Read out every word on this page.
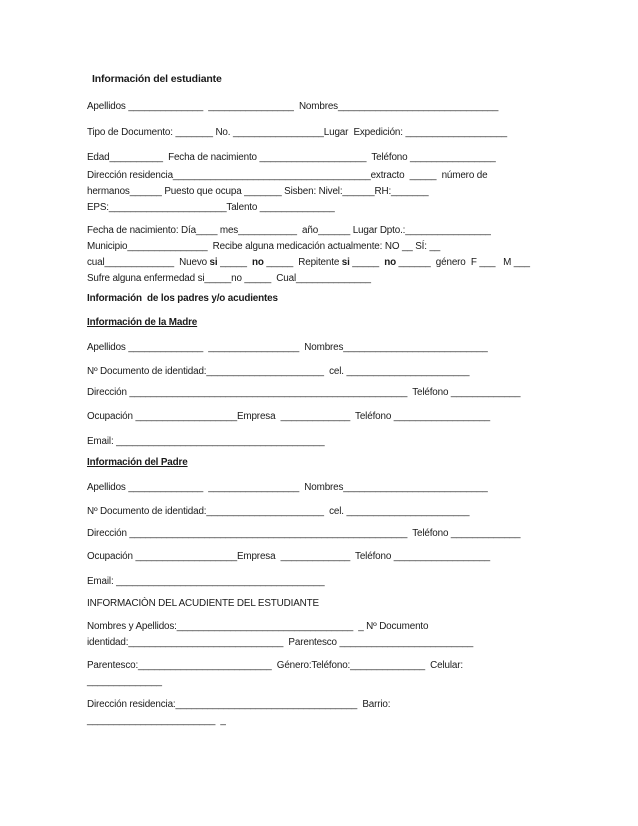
Información del estudiante
Apellidos ______________  ________________  Nombres______________________________
Tipo de Documento: _______ No. _________________Lugar  Expedición: ___________________
Edad__________  Fecha de nacimiento ____________________  Teléfono ________________
Dirección residencia_____________________________________extracto  _____  número de
hermanos______ Puesto que ocupa _______ Sisben: Nivel:______RH:_______
EPS:______________________Talento ______________
Fecha de nacimiento: Día____ mes___________  año______ Lugar Dpto.:________________
Municipio_______________  Recibe alguna medicación actualmente: NO __ SÍ: __
cual_____________  Nuevo si _____  no _____  Repitente si _____  no ______  género  F ___   M ___
Sufre alguna enfermedad si_____no _____  Cual______________
Información  de los padres y/o acudientes
Información de la Madre
Apellidos ______________  _________________  Nombres___________________________
Nº Documento de identidad:______________________  cel. _______________________
Dirección ____________________________________________________  Teléfono _____________
Ocupación ___________________Empresa  _____________  Teléfono __________________
Email: _______________________________________
Información del Padre
Apellidos ______________  _________________  Nombres___________________________
Nº Documento de identidad:______________________  cel. _______________________
Dirección ____________________________________________________  Teléfono _____________
Ocupación ___________________Empresa  _____________  Teléfono __________________
Email: _______________________________________
INFORMACIÒN DEL ACUDIENTE DEL ESTUDIANTE
Nombres y Apellidos:_________________________________  _ Nº Documento
identidad:_____________________________  Parentesco _________________________
Parentesco:_________________________  Género:Teléfono:______________  Celular:
______________
Dirección residencia:__________________________________  Barrio:
________________________  _
